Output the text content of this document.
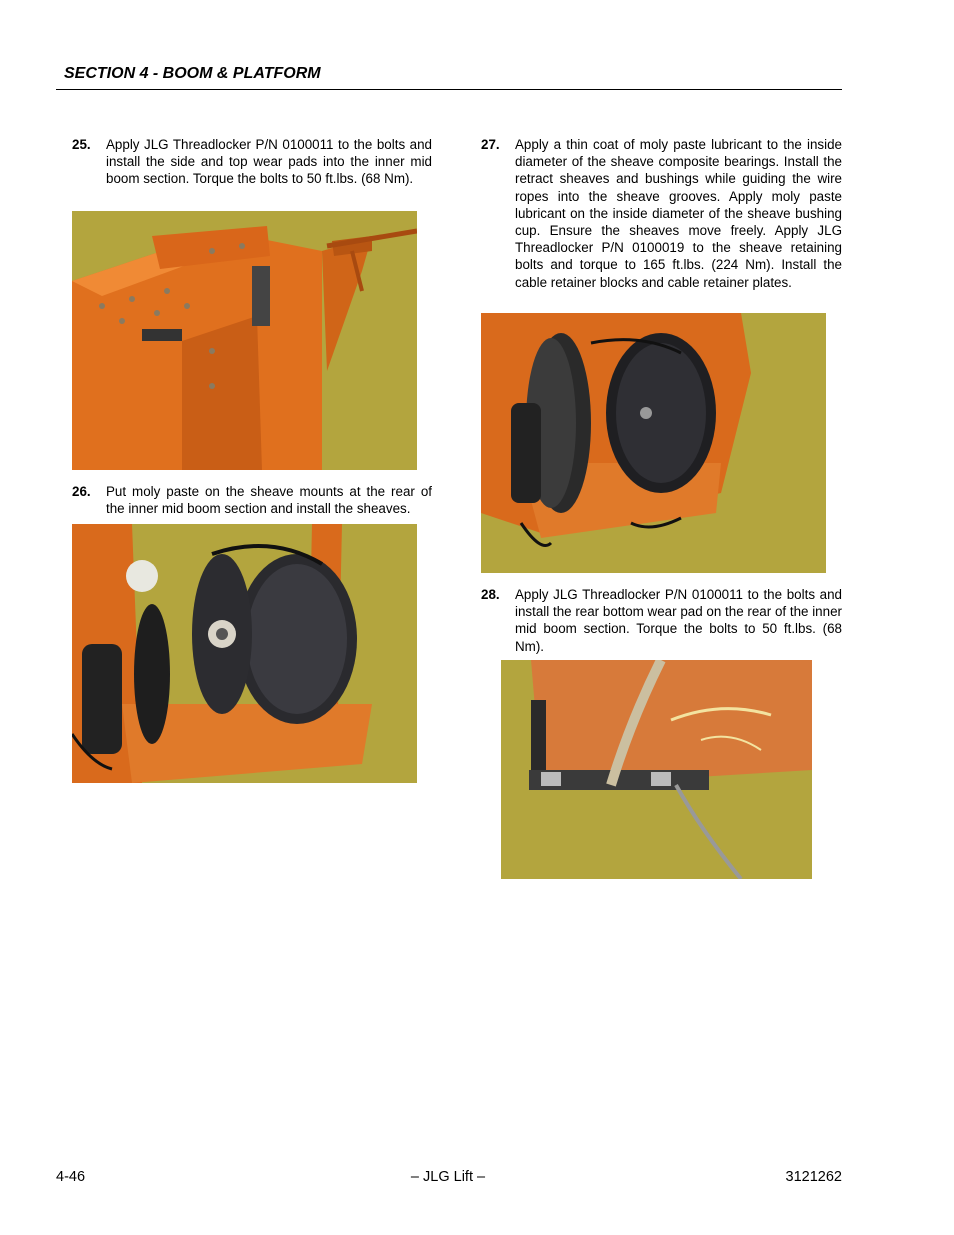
SECTION 4 - BOOM & PLATFORM
25. Apply JLG Threadlocker P/N 0100011 to the bolts and install the side and top wear pads into the inner mid boom section. Torque the bolts to 50 ft.lbs. (68 Nm).
26. Put moly paste on the sheave mounts at the rear of the inner mid boom section and install the sheaves.
27. Apply a thin coat of moly paste lubricant to the inside diameter of the sheave composite bearings. Install the retract sheaves and bushings while guiding the wire ropes into the sheave grooves. Apply moly paste lubricant on the inside diameter of the sheave bushing cup. Ensure the sheaves move freely. Apply JLG Threadlocker P/N 0100019 to the sheave retaining bolts and torque to 165 ft.lbs. (224 Nm). Install the cable retainer blocks and cable retainer plates.
28. Apply JLG Threadlocker P/N 0100011 to the bolts and install the rear bottom wear pad on the rear of the inner mid boom section. Torque the bolts to 50 ft.lbs. (68 Nm).
4-46	– JLG Lift –	3121262
